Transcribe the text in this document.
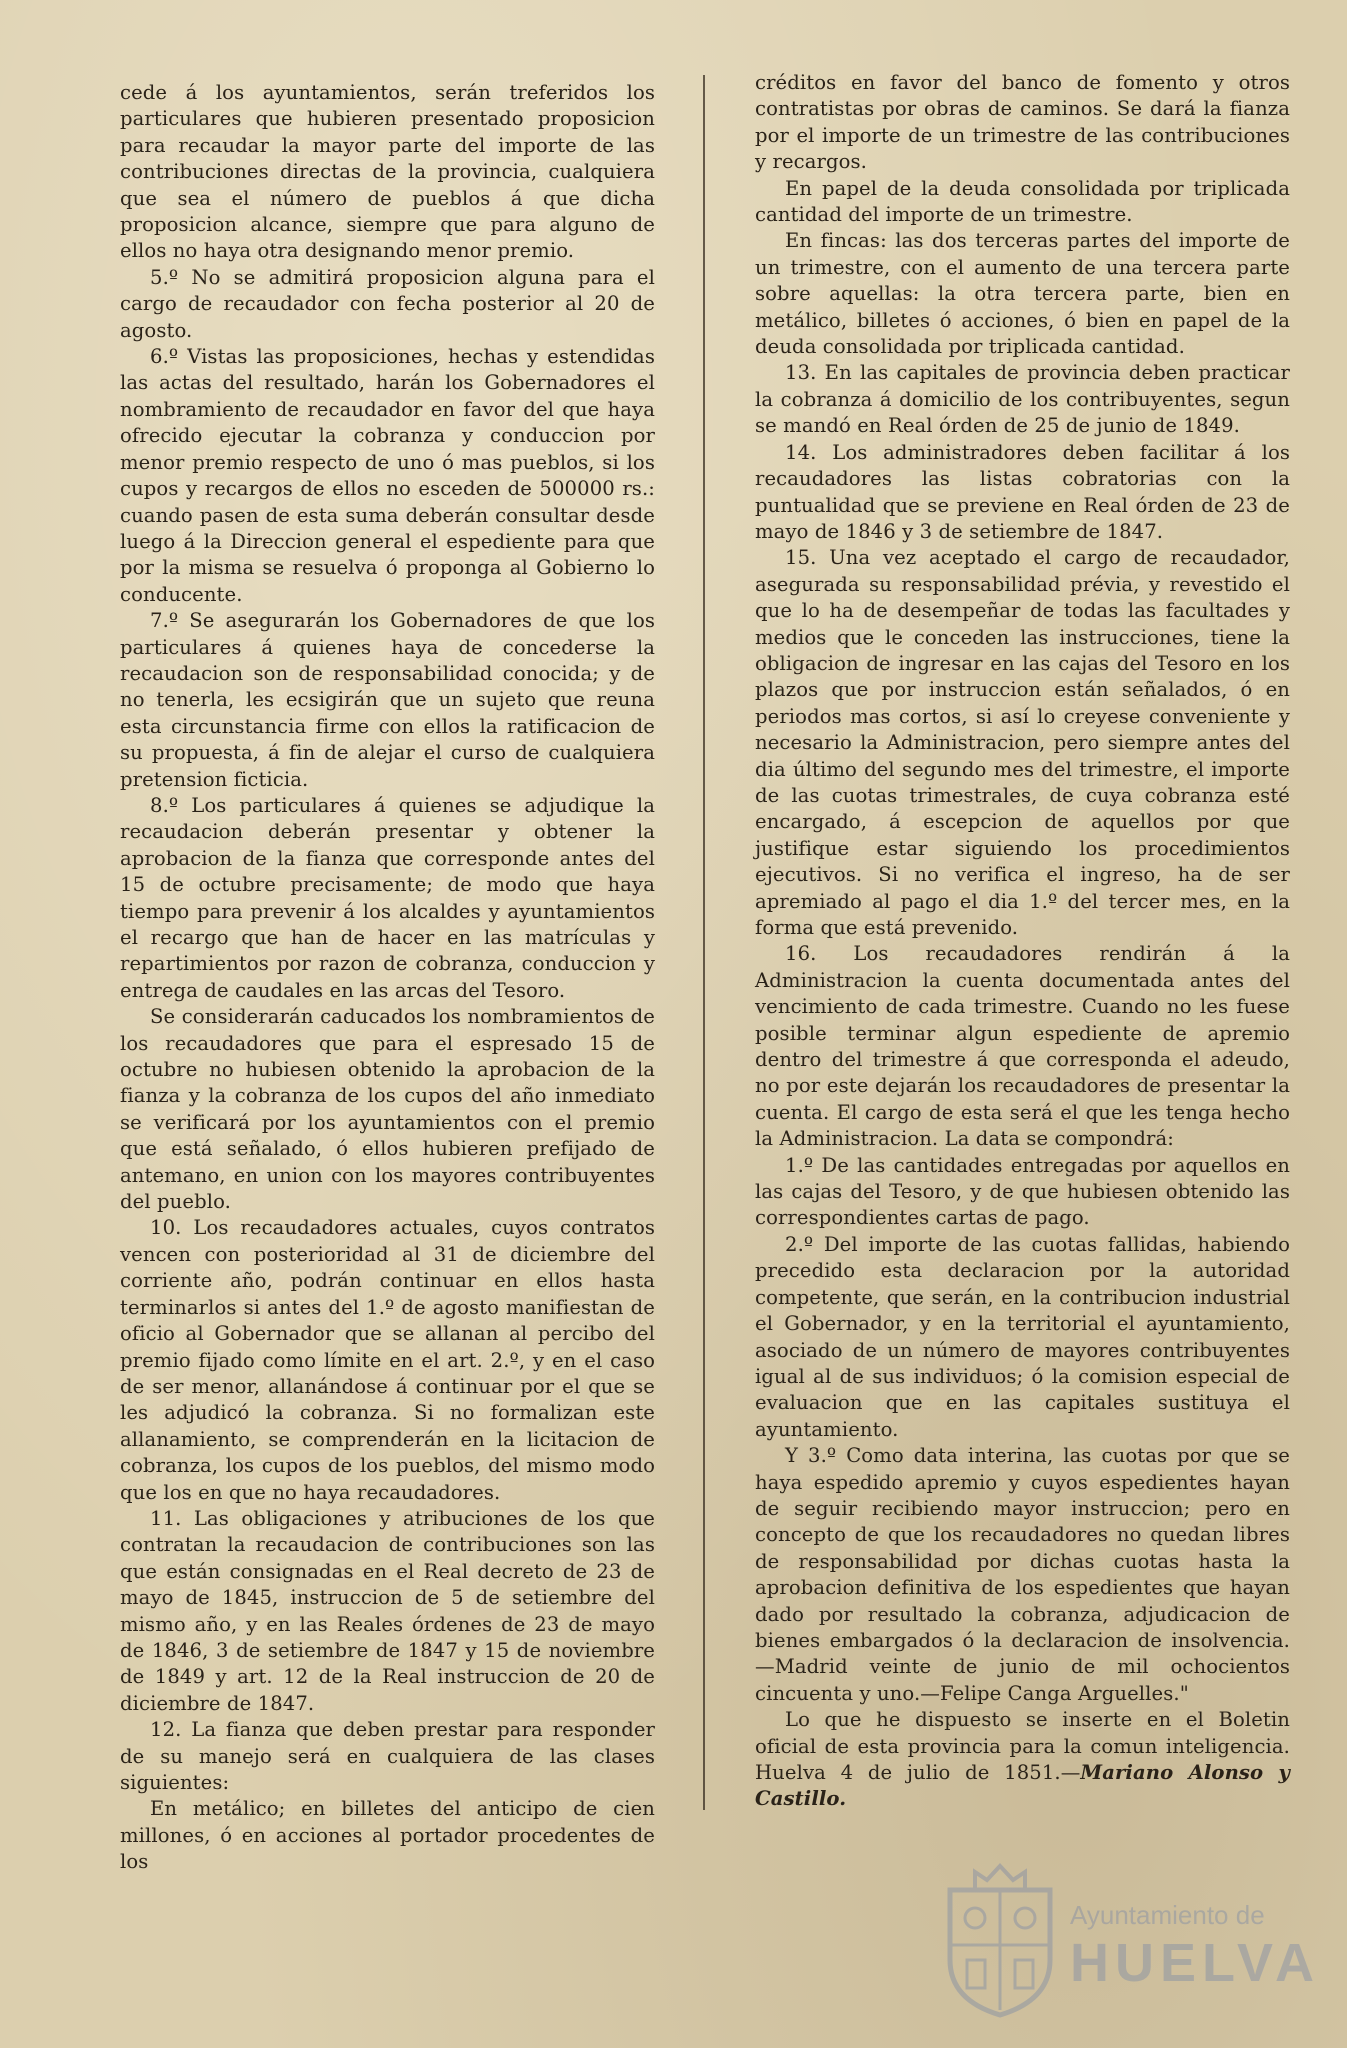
cede á los ayuntamientos, serán treferidos los particulares que hubieren presentado proposicion para recaudar la mayor parte del importe de las contribuciones directas de la provincia, cualquiera que sea el número de pueblos á que dicha proposicion alcance, siempre que para alguno de ellos no haya otra designando menor premio.

5.º No se admitirá proposicion alguna para el cargo de recaudador con fecha posterior al 20 de agosto.

6.º Vistas las proposiciones, hechas y estendidas las actas del resultado, harán los Gobernadores el nombramiento de recaudador en favor del que haya ofrecido ejecutar la cobranza y conduccion por menor premio respecto de uno ó mas pueblos, si los cupos y recargos de ellos no esceden de 500000 rs.: cuando pasen de esta suma deberán consultar desde luego á la Direccion general el espediente para que por la misma se resuelva ó proponga al Gobierno lo conducente.

7.º Se asegurarán los Gobernadores de que los particulares á quienes haya de concederse la recaudacion son de responsabilidad conocida; y de no tenerla, les ecsigirán que un sujeto que reuna esta circunstancia firme con ellos la ratificacion de su propuesta, á fin de alejar el curso de cualquiera pretension ficticia.

8.º Los particulares á quienes se adjudique la recaudacion deberán presentar y obtener la aprobacion de la fianza que corresponde antes del 15 de octubre precisamente; de modo que haya tiempo para prevenir á los alcaldes y ayuntamientos el recargo que han de hacer en las matrículas y repartimientos por razon de cobranza, conduccion y entrega de caudales en las arcas del Tesoro.

Se considerarán caducados los nombramientos de los recaudadores que para el espresado 15 de octubre no hubiesen obtenido la aprobacion de la fianza y la cobranza de los cupos del año inmediato se verificará por los ayuntamientos con el premio que está señalado, ó ellos hubieren prefijado de antemano, en union con los mayores contribuyentes del pueblo.

10. Los recaudadores actuales, cuyos contratos vencen con posterioridad al 31 de diciembre del corriente año, podrán continuar en ellos hasta terminarlos si antes del 1.º de agosto manifiestan de oficio al Gobernador que se allanan al percibo del premio fijado como límite en el art. 2.º, y en el caso de ser menor, allanándose á continuar por el que se les adjudicó la cobranza. Si no formalizan este allanamiento, se comprenderán en la licitacion de cobranza, los cupos de los pueblos, del mismo modo que los en que no haya recaudadores.

11. Las obligaciones y atribuciones de los que contratan la recaudacion de contribuciones son las que están consignadas en el Real decreto de 23 de mayo de 1845, instruccion de 5 de setiembre del mismo año, y en las Reales órdenes de 23 de mayo de 1846, 3 de setiembre de 1847 y 15 de noviembre de 1849 y art. 12 de la Real instruccion de 20 de diciembre de 1847.

12. La fianza que deben prestar para responder de su manejo será en cualquiera de las clases siguientes:

En metálico; en billetes del anticipo de cien millones, ó en acciones al portador procedentes de los

créditos en favor del banco de fomento y otros contratistas por obras de caminos. Se dará la fianza por el importe de un trimestre de las contribuciones y recargos.

En papel de la deuda consolidada por triplicada cantidad del importe de un trimestre.

En fincas: las dos terceras partes del importe de un trimestre, con el aumento de una tercera parte sobre aquellas: la otra tercera parte, bien en metálico, billetes ó acciones, ó bien en papel de la deuda consolidada por triplicada cantidad.

13. En las capitales de provincia deben practicar la cobranza á domicilio de los contribuyentes, segun se mandó en Real órden de 25 de junio de 1849.

14. Los administradores deben facilitar á los recaudadores las listas cobratorias con la puntualidad que se previene en Real órden de 23 de mayo de 1846 y 3 de setiembre de 1847.

15. Una vez aceptado el cargo de recaudador, asegurada su responsabilidad prévia, y revestido el que lo ha de desempeñar de todas las facultades y medios que le conceden las instrucciones, tiene la obligacion de ingresar en las cajas del Tesoro en los plazos que por instruccion están señalados, ó en periodos mas cortos, si así lo creyese conveniente y necesario la Administracion, pero siempre antes del dia último del segundo mes del trimestre, el importe de las cuotas trimestrales, de cuya cobranza esté encargado, á escepcion de aquellos por que justifique estar siguiendo los procedimientos ejecutivos. Si no verifica el ingreso, ha de ser apremiado al pago el dia 1.º del tercer mes, en la forma que está prevenido.

16. Los recaudadores rendirán á la Administracion la cuenta documentada antes del vencimiento de cada trimestre. Cuando no les fuese posible terminar algun espediente de apremio dentro del trimestre á que corresponda el adeudo, no por este dejarán los recaudadores de presentar la cuenta. El cargo de esta será el que les tenga hecho la Administracion. La data se compondrá:

1.º De las cantidades entregadas por aquellos en las cajas del Tesoro, y de que hubiesen obtenido las correspondientes cartas de pago.

2.º Del importe de las cuotas fallidas, habiendo precedido esta declaracion por la autoridad competente, que serán, en la contribucion industrial el Gobernador, y en la territorial el ayuntamiento, asociado de un número de mayores contribuyentes igual al de sus individuos; ó la comision especial de evaluacion que en las capitales sustituya el ayuntamiento.

Y 3.º Como data interina, las cuotas por que se haya espedido apremio y cuyos espedientes hayan de seguir recibiendo mayor instruccion; pero en concepto de que los recaudadores no quedan libres de responsabilidad por dichas cuotas hasta la aprobacion definitiva de los espedientes que hayan dado por resultado la cobranza, adjudicacion de bienes embargados ó la declaracion de insolvencia.—Madrid veinte de junio de mil ochocientos cincuenta y uno.—Felipe Canga Arguelles."

Lo que he dispuesto se inserte en el Boletin oficial de esta provincia para la comun inteligencia. Huelva 4 de julio de 1851.—Mariano Alonso y Castillo.

Ayuntamiento de
HUELVA
